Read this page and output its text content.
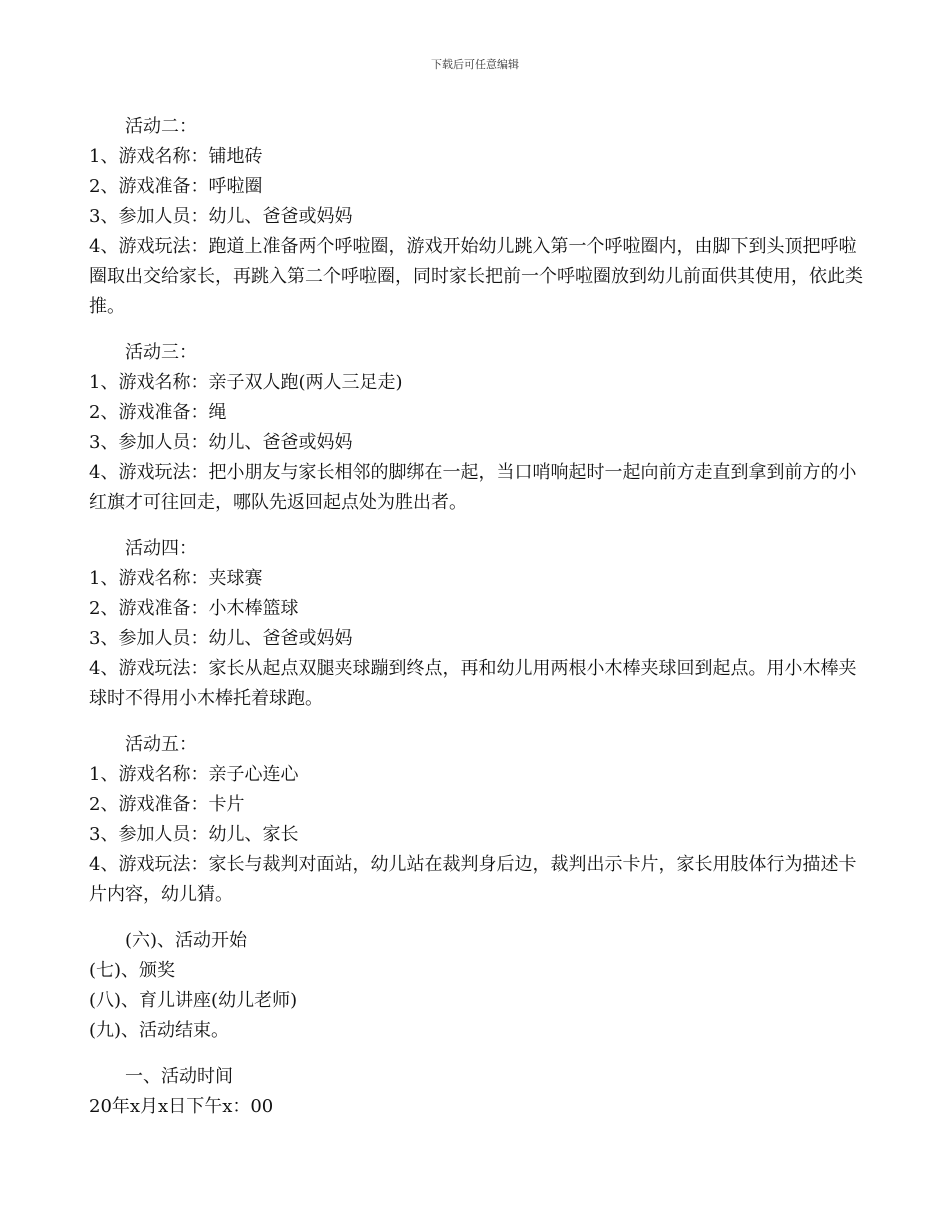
下载后可任意编辑

活动二：

1、游戏名称：铺地砖

2、游戏准备：呼啦圈

3、参加人员：幼儿、爸爸或妈妈

4、游戏玩法：跑道上准备两个呼啦圈，游戏开始幼儿跳入第一个呼啦圈内，由脚下到头顶把呼啦圈取出交给家长，再跳入第二个呼啦圈，同时家长把前一个呼啦圈放到幼儿前面供其使用，依此类推。

活动三：

1、游戏名称：亲子双人跑(两人三足走)

2、游戏准备：绳

3、参加人员：幼儿、爸爸或妈妈

4、游戏玩法：把小朋友与家长相邻的脚绑在一起，当口哨响起时一起向前方走直到拿到前方的小红旗才可往回走，哪队先返回起点处为胜出者。

活动四：

1、游戏名称：夹球赛

2、游戏准备：小木棒篮球

3、参加人员：幼儿、爸爸或妈妈

4、游戏玩法：家长从起点双腿夹球蹦到终点，再和幼儿用两根小木棒夹球回到起点。用小木棒夹球时不得用小木棒托着球跑。

活动五：

1、游戏名称：亲子心连心

2、游戏准备：卡片

3、参加人员：幼儿、家长

4、游戏玩法：家长与裁判对面站，幼儿站在裁判身后边，裁判出示卡片，家长用肢体行为描述卡片内容，幼儿猜。

(六)、活动开始

(七)、颁奖

(八)、育儿讲座(幼儿老师)

(九)、活动结束。

一、活动时间

20年x月x日下午x：00
